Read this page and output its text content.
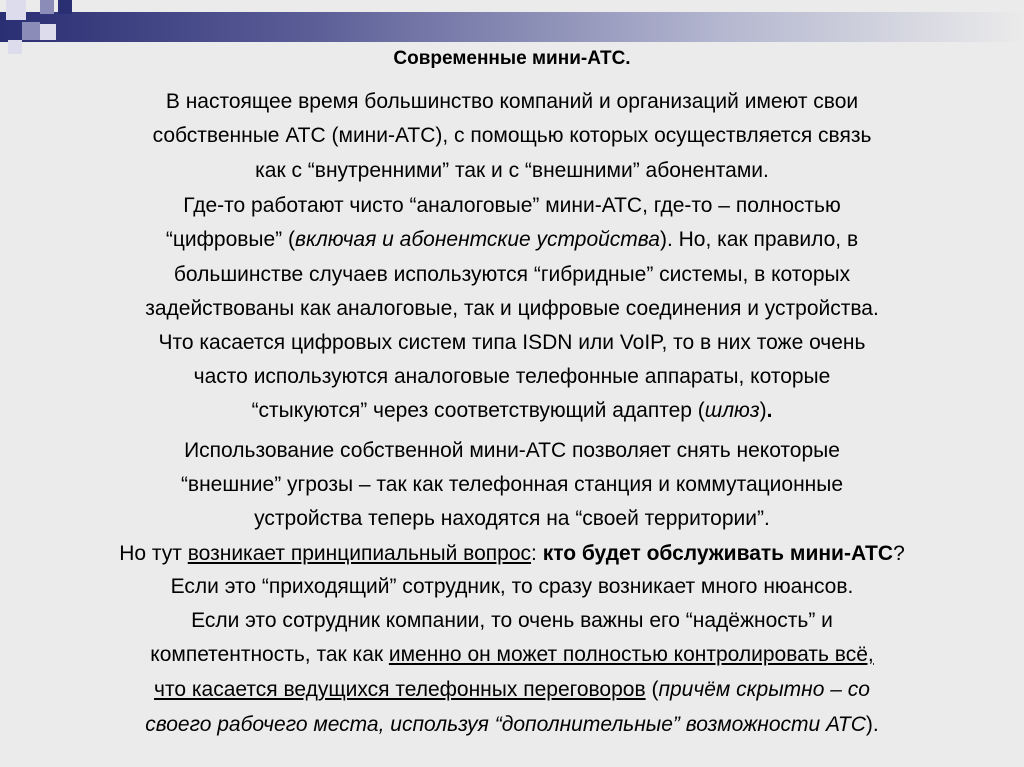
Современные мини-АТС.
В настоящее время большинство компаний и организаций имеют свои
собственные АТС (мини-АТС), с помощью которых осуществляется связь
как с “внутренними” так и с “внешними” абонентами.
Где-то работают чисто “аналоговые” мини-АТС, где-то – полностью
“цифровые” (включая и абонентские устройства). Но, как правило, в
большинстве случаев используются “гибридные” системы, в которых
задействованы как аналоговые, так и цифровые соединения и устройства.
Что касается цифровых систем типа ISDN или VoIP, то в них тоже очень
часто используются аналоговые телефонные аппараты, которые
“стыкуются” через соответствующий адаптер (шлюз).
Использование собственной мини-АТС позволяет снять некоторые
“внешние” угрозы – так как телефонная станция и коммутационные
устройства теперь находятся на “своей территории”.
Но тут возникает принципиальный вопрос: кто будет обслуживать мини-АТС?
Если это “приходящий” сотрудник, то сразу возникает много нюансов.
Если это сотрудник компании, то очень важны его “надёжность” и
компетентность, так как именно он может полностью контролировать всё,
что касается ведущихся телефонных переговоров (причём скрытно – со
своего рабочего места, используя “дополнительные” возможности АТС).
